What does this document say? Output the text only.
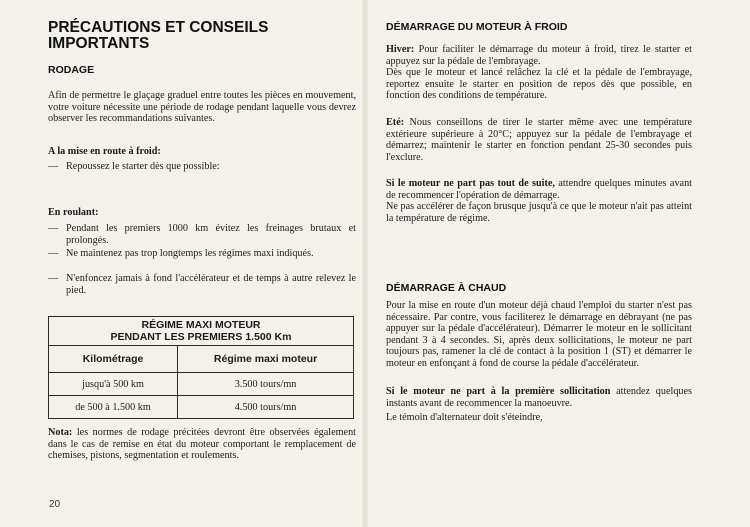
PRÉCAUTIONS ET CONSEILS IMPORTANTS
RODAGE

Afin de permettre le glaçage graduel entre toutes les pièces en mouvement, votre voiture nécessite une période de rodage pendant laquelle vous devrez observer les recommandations suivantes.

A la mise en route à froid:

— Repoussez le starter dès que possible:

En roulant:

— Pendant les premiers 1000 km évitez les freinages brutaux et prolongés.
— Ne maintenez pas trop longtemps les régimes maxi indiqués.
— N'enfoncez jamais à fond l'accélérateur et de temps à autre relevez le pied.
RÉGIME MAXI MOTEUR
PENDANT LES PREMIERS 1.500 Km	
Kilométrage	Régime maxi moteur
jusqu'à 500 km	3.500 tours/mn
de 500 à 1.500 km	4.500 tours/mn

Nota: les normes de rodage précitées devront être observées également dans le cas de remise en état du moteur comportant le remplacement de chemises, pistons, segmentation et roulements.

20
DÉMARRAGE DU MOTEUR À FROID

Hiver: Pour faciliter le démarrage du moteur à froid, tirez le starter et appuyez sur la pédale de l'embrayage.

Dès que le moteur et lancé relâchez la clé et la pédale de l'embrayage, reportez ensuite le starter en position de repos dès que possible, en fonction des conditions de température.

Eté: Nous conseillons de tirer le starter même avec une température extérieure supérieure à 20°C; appuyez sur la pédale de l'embrayage et démarrez; maintenir le starter en fonction pendant 25-30 secondes puis l'exclure.

Si le moteur ne part pas tout de suite, attendre quelques minutes avant de recommencer l'opération de démarrage.

Ne pas accélérer de façon brusque jusqu'à ce que le moteur n'ait pas atteint la température de régime.

DÉMARRAGE À CHAUD

Pour la mise en route d'un moteur déjà chaud l'emploi du starter n'est pas nécessaire. Par contre, vous faciliterez le démarrage en débrayant (ne pas appuyer sur la pédale d'accélérateur). Démarrer le moteur en le sollicitant pendant 3 à 4 secondes. Si, après deux sollicitations, le moteur ne part toujours pas, ramener la clé de contact à la position 1 (ST) et démarrer le moteur en enfonçant à fond de course la pédale d'accélérateur.

Si le moteur ne part à la première sollicitation attendez quelques instants avant de recommencer la manoeuvre.

Le témoin d'alternateur doit s'éteindre,
